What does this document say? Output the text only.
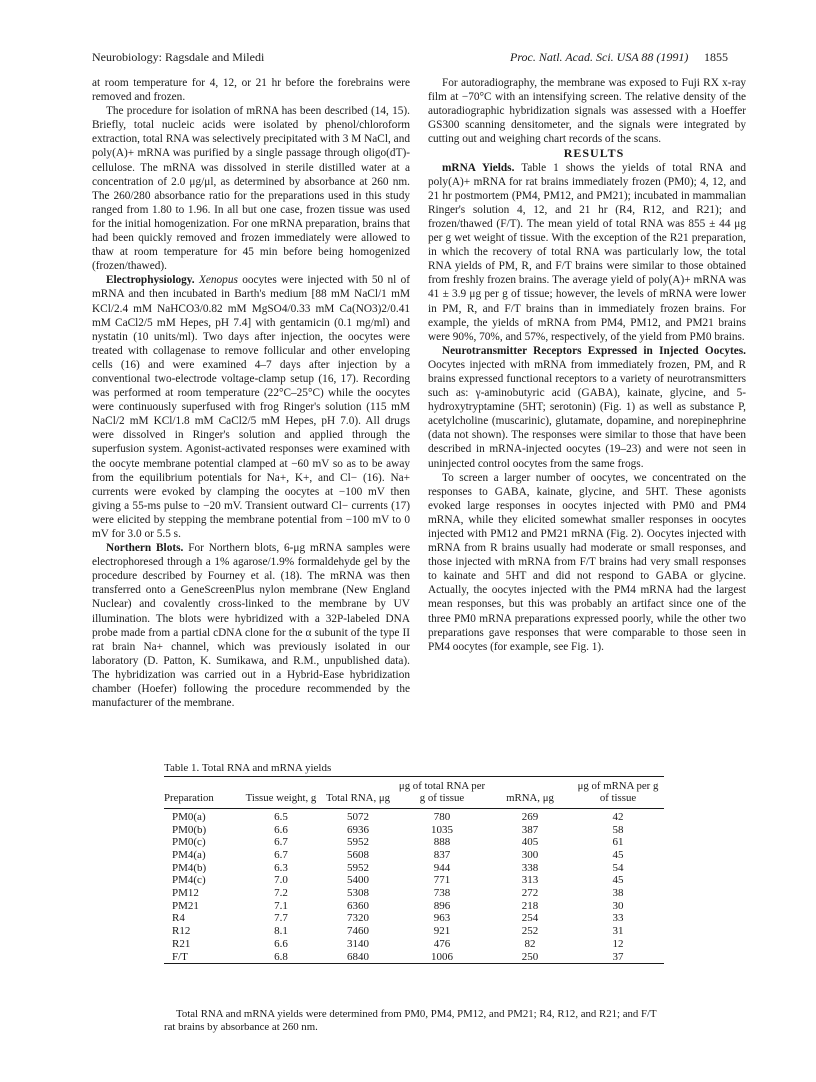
Neurobiology: Ragsdale and Miledi	Proc. Natl. Acad. Sci. USA 88 (1991) 1855

at room temperature for 4, 12, or 21 hr before the forebrains were removed and frozen.

The procedure for isolation of mRNA has been described (14, 15). Briefly, total nucleic acids were isolated by phenol/chloroform extraction, total RNA was selectively precipitated with 3 M NaCl, and poly(A)+ mRNA was purified by a single passage through oligo(dT)-cellulose. The mRNA was dissolved in sterile distilled water at a concentration of 2.0 μg/μl, as determined by absorbance at 260 nm. The 260/280 absorbance ratio for the preparations used in this study ranged from 1.80 to 1.96. In all but one case, frozen tissue was used for the initial homogenization. For one mRNA preparation, brains that had been quickly removed and frozen immediately were allowed to thaw at room temperature for 45 min before being homogenized (frozen/thawed).

Electrophysiology. Xenopus oocytes were injected with 50 nl of mRNA and then incubated in Barth's medium [88 mM NaCl/1 mM KCl/2.4 mM NaHCO3/0.82 mM MgSO4/0.33 mM Ca(NO3)2/0.41 mM CaCl2/5 mM Hepes, pH 7.4] with gentamicin (0.1 mg/ml) and nystatin (10 units/ml). Two days after injection, the oocytes were treated with collagenase to remove follicular and other enveloping cells (16) and were examined 4–7 days after injection by a conventional two-electrode voltage-clamp setup (16, 17). Recording was performed at room temperature (22°C–25°C) while the oocytes were continuously superfused with frog Ringer's solution (115 mM NaCl/2 mM KCl/1.8 mM CaCl2/5 mM Hepes, pH 7.0). All drugs were dissolved in Ringer's solution and applied through the superfusion system. Agonist-activated responses were examined with the oocyte membrane potential clamped at −60 mV so as to be away from the equilibrium potentials for Na+, K+, and Cl− (16). Na+ currents were evoked by clamping the oocytes at −100 mV then giving a 55-ms pulse to −20 mV. Transient outward Cl− currents (17) were elicited by stepping the membrane potential from −100 mV to 0 mV for 3.0 or 5.5 s.

Northern Blots. For Northern blots, 6-μg mRNA samples were electrophoresed through a 1% agarose/1.9% formaldehyde gel by the procedure described by Fourney et al. (18). The mRNA was then transferred onto a GeneScreenPlus nylon membrane (New England Nuclear) and covalently cross-linked to the membrane by UV illumination. The blots were hybridized with a 32P-labeled DNA probe made from a partial cDNA clone for the α subunit of the type II rat brain Na+ channel, which was previously isolated in our laboratory (D. Patton, K. Sumikawa, and R.M., unpublished data). The hybridization was carried out in a Hybrid-Ease hybridization chamber (Hoefer) following the procedure recommended by the manufacturer of the membrane.

For autoradiography, the membrane was exposed to Fuji RX x-ray film at −70°C with an intensifying screen. The relative density of the autoradiographic hybridization signals was assessed with a Hoeffer GS300 scanning densitometer, and the signals were integrated by cutting out and weighing chart records of the scans.

RESULTS

mRNA Yields. Table 1 shows the yields of total RNA and poly(A)+ mRNA for rat brains immediately frozen (PM0); 4, 12, and 21 hr postmortem (PM4, PM12, and PM21); incubated in mammalian Ringer's solution 4, 12, and 21 hr (R4, R12, and R21); and frozen/thawed (F/T). The mean yield of total RNA was 855 ± 44 μg per g wet weight of tissue. With the exception of the R21 preparation, in which the recovery of total RNA was particularly low, the total RNA yields of PM, R, and F/T brains were similar to those obtained from freshly frozen brains. The average yield of poly(A)+ mRNA was 41 ± 3.9 μg per g of tissue; however, the levels of mRNA were lower in PM, R, and F/T brains than in immediately frozen brains. For example, the yields of mRNA from PM4, PM12, and PM21 brains were 90%, 70%, and 57%, respectively, of the yield from PM0 brains.

Neurotransmitter Receptors Expressed in Injected Oocytes. Oocytes injected with mRNA from immediately frozen, PM, and R brains expressed functional receptors to a variety of neurotransmitters such as: γ-aminobutyric acid (GABA), kainate, glycine, and 5-hydroxytryptamine (5HT; serotonin) (Fig. 1) as well as substance P, acetylcholine (muscarinic), glutamate, dopamine, and norepinephrine (data not shown). The responses were similar to those that have been described in mRNA-injected oocytes (19–23) and were not seen in uninjected control oocytes from the same frogs.

To screen a larger number of oocytes, we concentrated on the responses to GABA, kainate, glycine, and 5HT. These agonists evoked large responses in oocytes injected with PM0 and PM4 mRNA, while they elicited somewhat smaller responses in oocytes injected with PM12 and PM21 mRNA (Fig. 2). Oocytes injected with mRNA from R brains usually had moderate or small responses, and those injected with mRNA from F/T brains had very small responses to kainate and 5HT and did not respond to GABA or glycine. Actually, the oocytes injected with the PM4 mRNA had the largest mean responses, but this was probably an artifact since one of the three PM0 mRNA preparations expressed poorly, while the other two preparations gave responses that were comparable to those seen in PM4 oocytes (for example, see Fig. 1).

Table 1. Total RNA and mRNA yields
Preparation	Tissue weight, g	Total RNA, μg	μg of total RNA per g of tissue	mRNA, μg	μg of mRNA per g of tissue

PM0(a)	6.5	5072	780	269	42
PM0(b)	6.6	6936	1035	387	58
PM0(c)	6.7	5952	888	405	61
PM4(a)	6.7	5608	837	300	45
PM4(b)	6.3	5952	944	338	54
PM4(c)	7.0	5400	771	313	45
PM12	7.2	5308	738	272	38
PM21	7.1	6360	896	218	30
R4	7.7	7320	963	254	33
R12	8.1	7460	921	252	31
R21	6.6	3140	476	82	12
F/T	6.8	6840	1006	250	37
Total RNA and mRNA yields were determined from PM0, PM4, PM12, and PM21; R4, R12, and R21; and F/T rat brains by absorbance at 260 nm.
